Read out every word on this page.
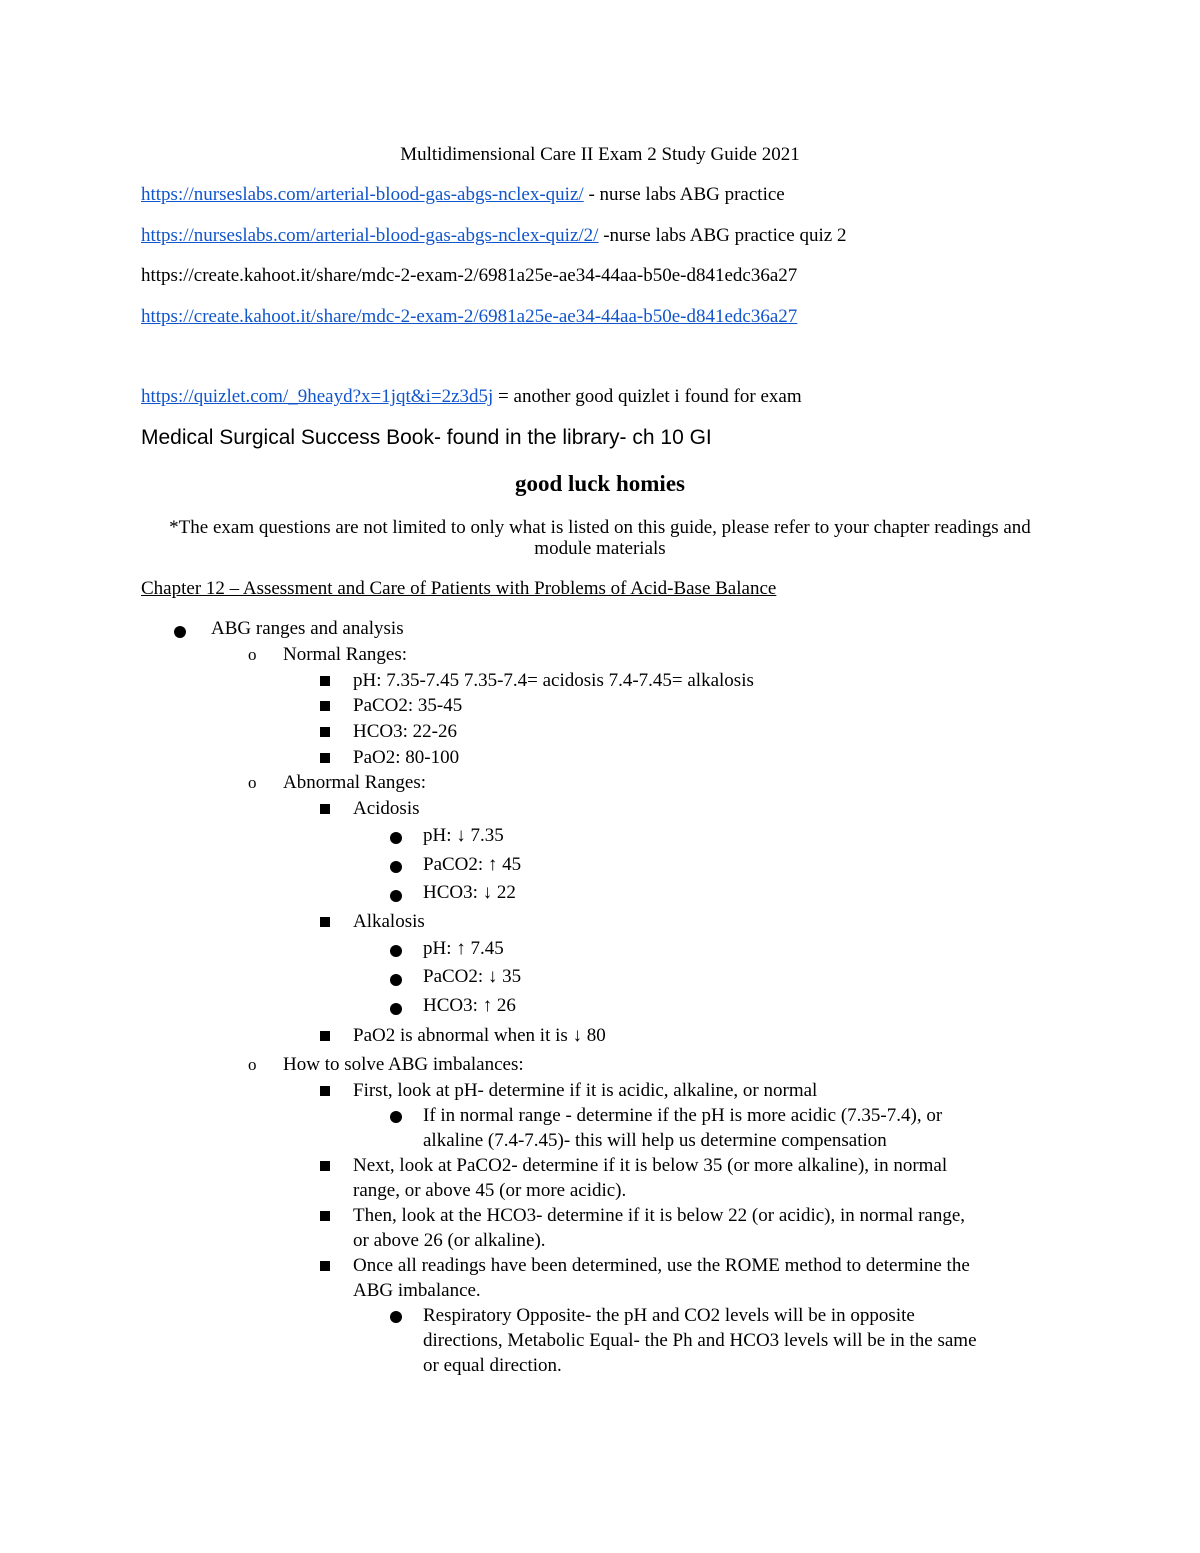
Multidimensional Care II Exam 2 Study Guide 2021
https://nurseslabs.com/arterial-blood-gas-abgs-nclex-quiz/ - nurse labs ABG practice
https://nurseslabs.com/arterial-blood-gas-abgs-nclex-quiz/2/ -nurse labs ABG practice quiz 2
https://create.kahoot.it/share/mdc-2-exam-2/6981a25e-ae34-44aa-b50e-d841edc36a27
https://create.kahoot.it/share/mdc-2-exam-2/6981a25e-ae34-44aa-b50e-d841edc36a27
https://quizlet.com/_9heayd?x=1jqt&i=2z3d5j = another good quizlet i found for exam
Medical Surgical Success Book- found in the library- ch 10 GI
good luck homies
*The exam questions are not limited to only what is listed on this guide, please refer to your chapter readings and
module materials
Chapter 12 – Assessment and Care of Patients with Problems of Acid-Base Balance
ABG ranges and analysis
o Normal Ranges:
pH: 7.35-7.45 7.35-7.4= acidosis 7.4-7.45= alkalosis
PaCO2: 35-45
HCO3: 22-26
PaO2: 80-100
o Abnormal Ranges:
Acidosis
pH: ↓ 7.35
PaCO2: ↑ 45
HCO3: ↓ 22
Alkalosis
pH: ↑ 7.45
PaCO2: ↓ 35
HCO3: ↑ 26
PaO2 is abnormal when it is ↓ 80
o How to solve ABG imbalances:
First, look at pH- determine if it is acidic, alkaline, or normal
If in normal range - determine if the pH is more acidic (7.35-7.4), or
alkaline (7.4-7.45)- this will help us determine compensation
Next, look at PaCO2- determine if it is below 35 (or more alkaline), in normal
range, or above 45 (or more acidic).
Then, look at the HCO3- determine if it is below 22 (or acidic), in normal range,
or above 26 (or alkaline).
Once all readings have been determined, use the ROME method to determine the
ABG imbalance.
Respiratory Opposite- the pH and CO2 levels will be in opposite
directions, Metabolic Equal- the Ph and HCO3 levels will be in the same
or equal direction.
